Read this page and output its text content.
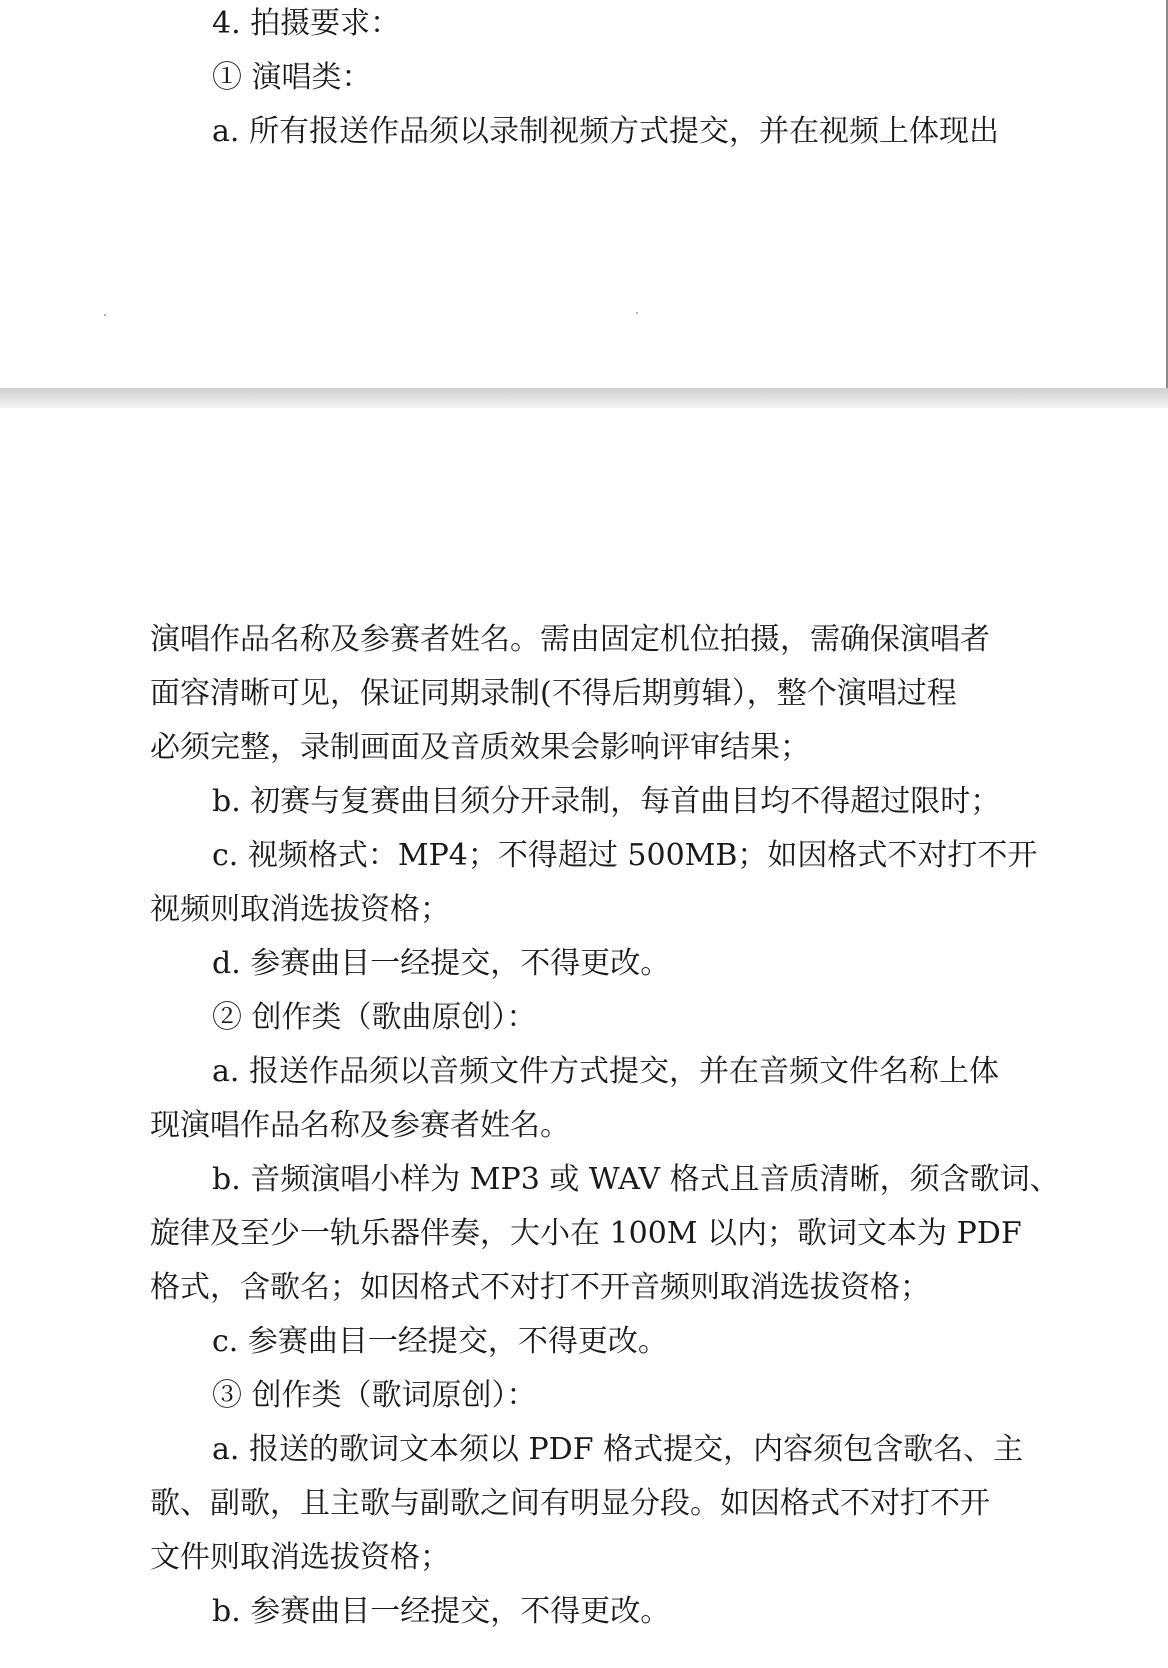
4. 拍摄要求：
① 演唱类：
a. 所有报送作品须以录制视频方式提交，并在视频上体现出
演唱作品名称及参赛者姓名。需由固定机位拍摄，需确保演唱者
面容清晰可见，保证同期录制(不得后期剪辑），整个演唱过程
必须完整，录制画面及音质效果会影响评审结果；
b. 初赛与复赛曲目须分开录制，每首曲目均不得超过限时；
c. 视频格式：MP4；不得超过 500MB；如因格式不对打不开
视频则取消选拔资格；
d. 参赛曲目一经提交，不得更改。
② 创作类（歌曲原创）：
a. 报送作品须以音频文件方式提交，并在音频文件名称上体
现演唱作品名称及参赛者姓名。
b. 音频演唱小样为 MP3 或 WAV 格式且音质清晰，须含歌词、
旋律及至少一轨乐器伴奏，大小在 100M 以内；歌词文本为 PDF
格式，含歌名；如因格式不对打不开音频则取消选拔资格；
c. 参赛曲目一经提交，不得更改。
③ 创作类（歌词原创）：
a. 报送的歌词文本须以 PDF 格式提交，内容须包含歌名、主
歌、副歌，且主歌与副歌之间有明显分段。如因格式不对打不开
文件则取消选拔资格；
b. 参赛曲目一经提交，不得更改。
